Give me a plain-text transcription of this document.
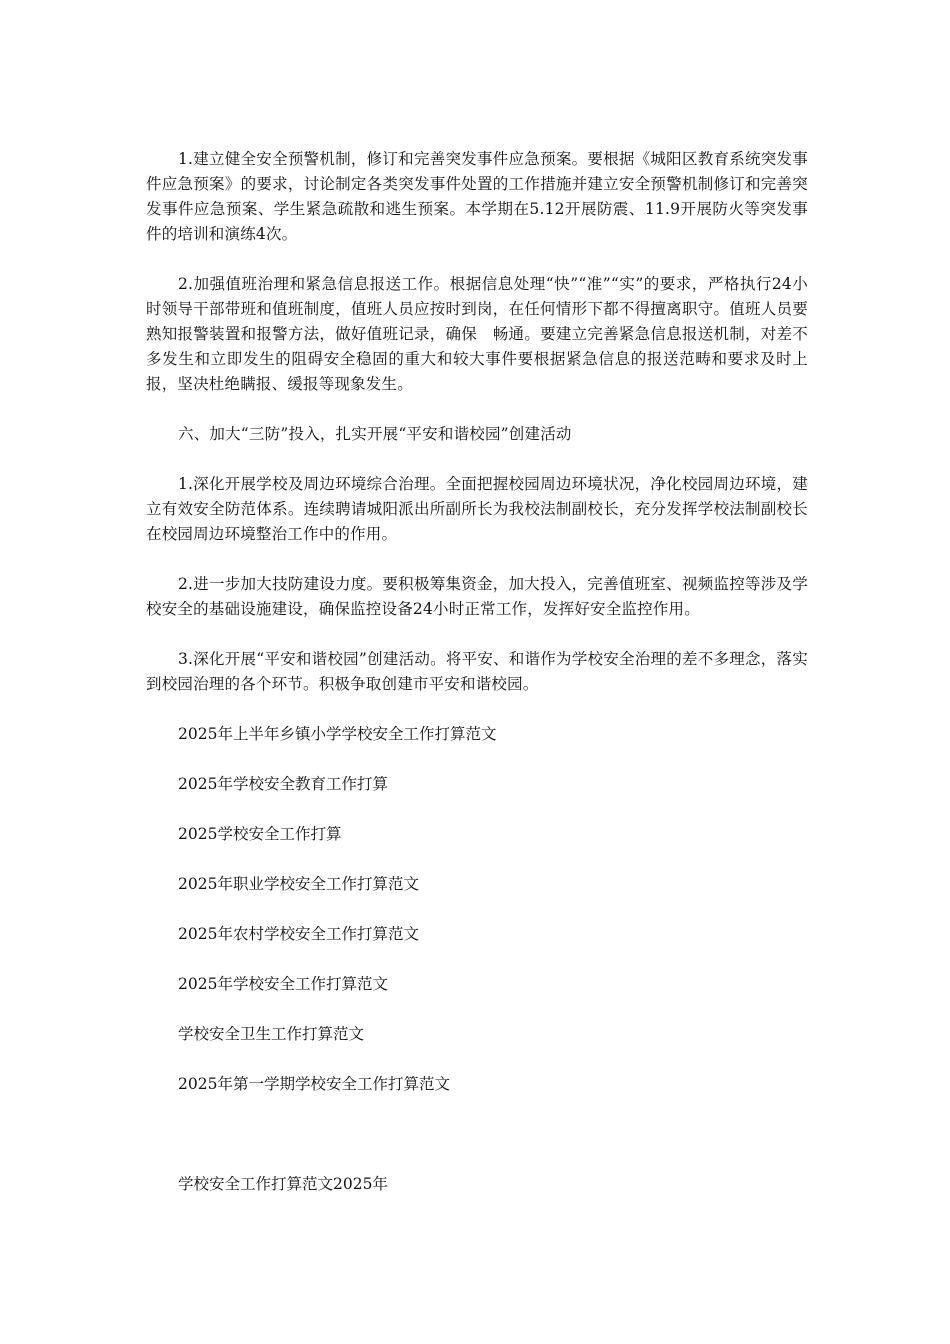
1.建立健全安全预警机制，修订和完善突发事件应急预案。要根据《城阳区教育系统突发事件应急预案》的要求，讨论制定各类突发事件处置的工作措施并建立安全预警机制修订和完善突发事件应急预案、学生紧急疏散和逃生预案。本学期在5.12开展防震、11.9开展防火等突发事件的培训和演练4次。

2.加强值班治理和紧急信息报送工作。根据信息处理“快”“准”“实”的要求，严格执行24小时领导干部带班和值班制度，值班人员应按时到岗，在任何情形下都不得擅离职守。值班人员要熟知报警装置和报警方法，做好值班记录，确保　畅通。要建立完善紧急信息报送机制，对差不多发生和立即发生的阻碍安全稳固的重大和较大事件要根据紧急信息的报送范畴和要求及时上报，坚决杜绝瞒报、缓报等现象发生。

六、加大“三防”投入，扎实开展“平安和谐校园”创建活动

1.深化开展学校及周边环境综合治理。全面把握校园周边环境状况，净化校园周边环境，建立有效安全防范体系。连续聘请城阳派出所副所长为我校法制副校长，充分发挥学校法制副校长在校园周边环境整治工作中的作用。

2.进一步加大技防建设力度。要积极筹集资金，加大投入，完善值班室、视频监控等涉及学校安全的基础设施建设，确保监控设备24小时正常工作，发挥好安全监控作用。

3.深化开展“平安和谐校园”创建活动。将平安、和谐作为学校安全治理的差不多理念，落实到校园治理的各个环节。积极争取创建市平安和谐校园。

2025年上半年乡镇小学学校安全工作打算范文
2025年学校安全教育工作打算
2025学校安全工作打算
2025年职业学校安全工作打算范文
2025年农村学校安全工作打算范文
2025年学校安全工作打算范文
学校安全卫生工作打算范文
2025年第一学期学校安全工作打算范文

学校安全工作打算范文2025年
